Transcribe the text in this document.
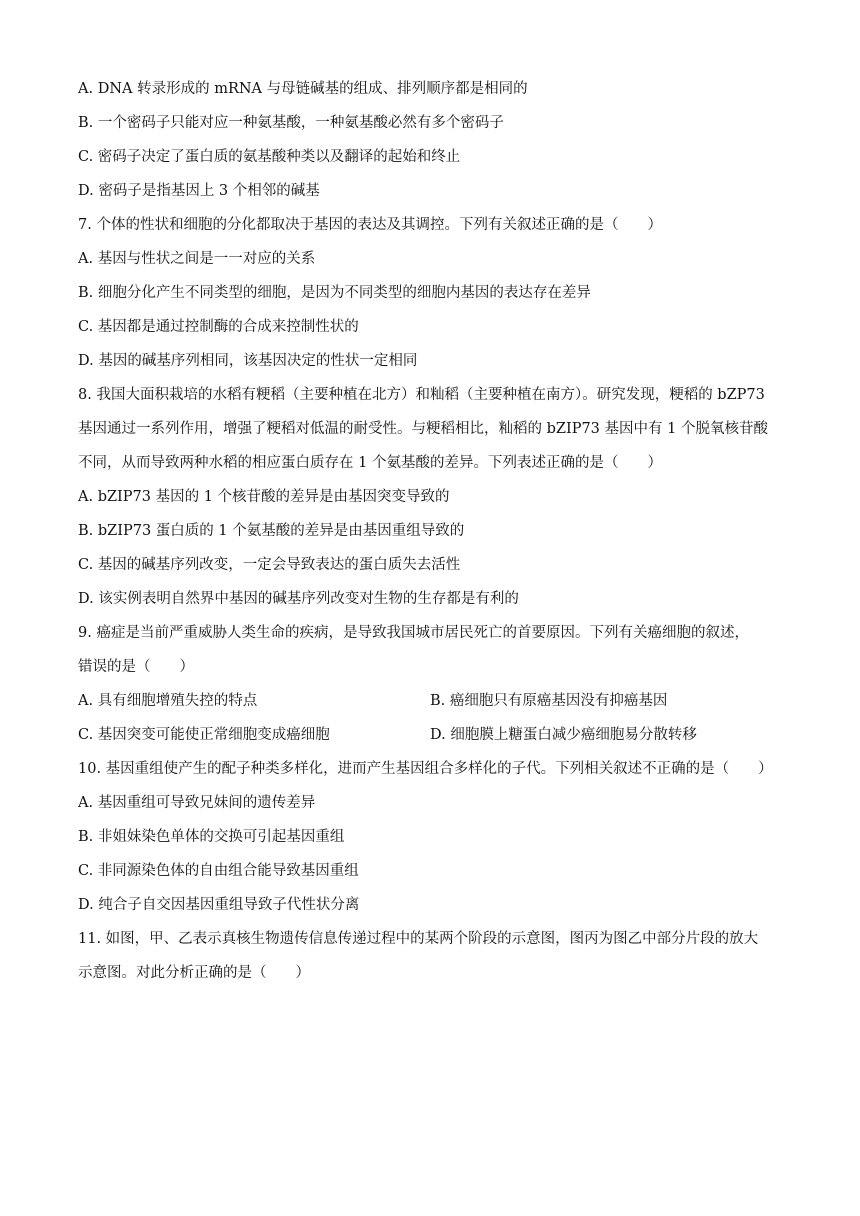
A. DNA 转录形成的 mRNA 与母链碱基的组成、排列顺序都是相同的
B. 一个密码子只能对应一种氨基酸，一种氨基酸必然有多个密码子
C. 密码子决定了蛋白质的氨基酸种类以及翻译的起始和终止
D. 密码子是指基因上 3 个相邻的碱基
7. 个体的性状和细胞的分化都取决于基因的表达及其调控。下列有关叙述正确的是（　　）
A. 基因与性状之间是一一对应的关系
B. 细胞分化产生不同类型的细胞，是因为不同类型的细胞内基因的表达存在差异
C. 基因都是通过控制酶的合成来控制性状的
D. 基因的碱基序列相同，该基因决定的性状一定相同
8. 我国大面积栽培的水稻有粳稻（主要种植在北方）和籼稻（主要种植在南方）。研究发现，粳稻的 bZP73
基因通过一系列作用，增强了粳稻对低温的耐受性。与粳稻相比，籼稻的 bZIP73 基因中有 1 个脱氧核苷酸
不同，从而导致两种水稻的相应蛋白质存在 1 个氨基酸的差异。下列表述正确的是（　　）
A. bZIP73 基因的 1 个核苷酸的差异是由基因突变导致的
B. bZIP73 蛋白质的 1 个氨基酸的差异是由基因重组导致的
C. 基因的碱基序列改变，一定会导致表达的蛋白质失去活性
D. 该实例表明自然界中基因的碱基序列改变对生物的生存都是有利的
9. 癌症是当前严重威胁人类生命的疾病，是导致我国城市居民死亡的首要原因。下列有关癌细胞的叙述，
错误的是（　　）
A. 具有细胞增殖失控的特点	B. 癌细胞只有原癌基因没有抑癌基因
C. 基因突变可能使正常细胞变成癌细胞	D. 细胞膜上糖蛋白减少癌细胞易分散转移
10. 基因重组使产生的配子种类多样化，进而产生基因组合多样化的子代。下列相关叙述不正确的是（　　）
A. 基因重组可导致兄妹间的遗传差异
B. 非姐妹染色单体的交换可引起基因重组
C. 非同源染色体的自由组合能导致基因重组
D. 纯合子自交因基因重组导致子代性状分离
11. 如图，甲、乙表示真核生物遗传信息传递过程中的某两个阶段的示意图，图丙为图乙中部分片段的放大
示意图。对此分析正确的是（　　）
